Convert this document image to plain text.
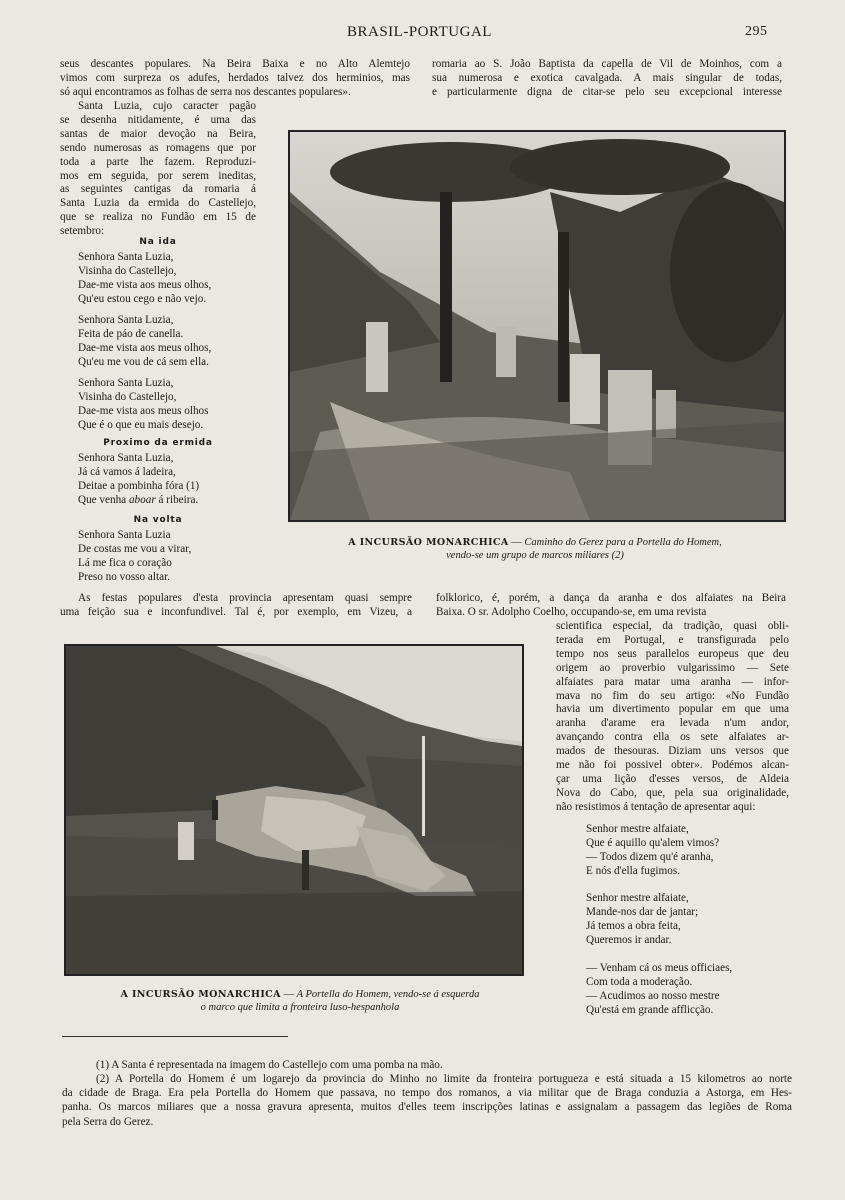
BRASIL-PORTUGAL	295
seus descantes populares. Na Beira Baixa e no Alto Alemtejo
vimos com surpreza os adufes, herdados talvez dos herminios, mas
só aqui encontramos as folhas de serra nos descantes populares».
romaria ao S. João Baptista da capella de Vil de Moinhos, com a
sua numerosa e exotica cavalgada. A mais singular de todas,
e particularmente digna de citar-se pelo seu excepcional interesse
Santa Luzia, cujo caracter pagão
se desenha nitidamente, é uma das
santas de maior devoção na Beira,
sendo numerosas as romagens que por
toda a parte lhe fazem. Reproduzi-
mos em seguida, por serem ineditas,
as seguintes cantigas da romaria á
Santa Luzia da ermida do Castellejo,
que se realiza no Fundão em 15 de
setembro:
Na ida
Senhora Santa Luzia,
Visinha do Castellejo,
Dae-me vista aos meus olhos,
Qu'eu estou cego e não vejo.
Senhora Santa Luzia,
Feita de páo de canella.
Dae-me vista aos meus olhos,
Qu'eu me vou de cá sem ella.
Senhora Santa Luzia,
Visinha do Castellejo,
Dae-me vista aos meus olhos
Que é o que eu mais desejo.
Proximo da ermida
Senhora Santa Luzia,
Já cá vamos á ladeira,
Deitae a pombinha fóra (1)
Que venha aboar á ribeira.
Na volta
Senhora Santa Luzia
De costas me vou a virar,
Lá me fica o coração
Preso no vosso altar.
A INCURSÃO MONARCHICA — Caminho do Gerez para a Portella do Homem,
vendo-se um grupo de marcos miliares (2)
As festas populares d'esta provincia apresentam quasi sempre
uma feição sua e inconfundivel. Tal é, por exemplo, em Vizeu, a
folklorico, é, porém, a dança da aranha e dos alfaiates na Beira
Baixa. O sr. Adolpho Coelho, occupando-se, em uma revista
scientifica especial, da tradição, quasi obli-
terada em Portugal, e transfigurada pelo
tempo nos seus parallelos europeus que deu
origem ao proverbio vulgarissimo — Sete
alfaiates para matar uma aranha — infor-
mava no fim do seu artigo: «No Fundão
havia um divertimento popular em que uma
aranha d'arame era levada n'um andor,
avançando contra ella os sete alfaiates ar-
mados de thesouras. Diziam uns versos que
me não foi possivel obter». Podémos alcan-
çar uma lição d'esses versos, de Aldeia
Nova do Cabo, que, pela sua originalidade,
não resistimos á tentação de apresentar aqui:
Senhor mestre alfaiate,
Que é aquillo qu'alem vimos?
— Todos dizem qu'é aranha,
E nós d'ella fugimos.
Senhor mestre alfaiate,
Mande-nos dar de jantar;
Já temos a obra feita,
Queremos ir andar.
— Venham cá os meus officiaes,
Com toda a moderação.
— Acudimos ao nosso mestre
Qu'está em grande afflicção.
A INCURSÃO MONARCHICA — A Portella do Homem, vendo-se á esquerda
o marco que limita a fronteira luso-hespanhola
(1) A Santa é representada na imagem do Castellejo com uma pomba na mão.
(2) A Portella do Homem é um logarejo da provincia do Minho no limite da fronteira portugueza e está situada a 15 kilometros ao norte
da cidade de Braga. Era pela Portella do Homem que passava, no tempo dos romanos, a via militar que de Braga conduzia a Astorga, em Hes-
panha. Os marcos miliares que a nossa gravura apresenta, muitos d'elles teem inscripções latinas e assignalam a passagem das legiões de Roma
pela Serra do Gerez.
